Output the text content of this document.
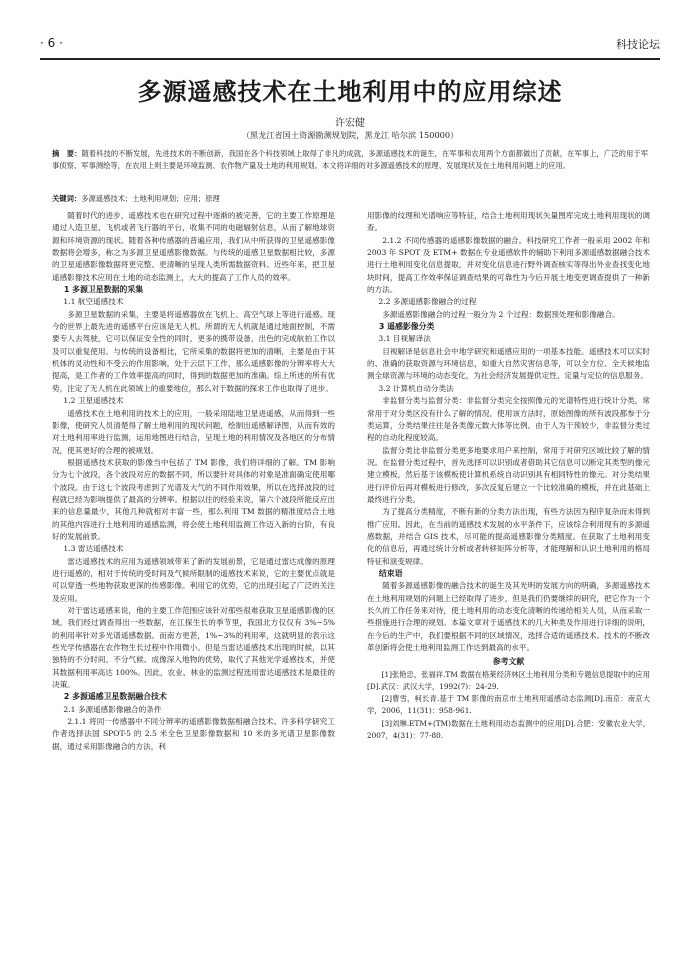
· 6 ·	科技论坛
多源遥感技术在土地利用中的应用综述
许宏健
（黑龙江省国土资源勘测规划院，黑龙江 哈尔滨 150000）
摘　要：随着科技的不断发展，先进技术的不断创新，我国在各个科技领域上取得了非凡的成就，多源遥感技术的诞生，在军事和农用两个方面都做出了贡献，在军事上，广泛的用于军事侦察、军事测绘等，在农用上则主要是环境监测、农作物产量及土地的利用规划。本文将详细的对多源遥感技术的原理、发展现状及在土地利用问题上的应用。
关键词：多源遥感技术；土地利用规划；应用；原理

随着时代的进步，遥感技术也在研究过程中逐渐的被完善，它的主要工作原理是通过人造卫星、飞机或者飞行器的平台，收集不同的电磁辐射信息，从而了解地球资源和环境资源的现状。随着各种传感器的普遍应用，我们从中所获得的卫星遥感影像数据将会增多，称之为多源卫星遥感影像数据。与传统的遥感卫星数据相比较，多源的卫星遥感影像数据将更完整、更清晰的呈现人类所需数据资料。近些年来，把卫星遥感影像技术应用在土地的动态监测上，大大的提高了工作人员的效率。

1 多源卫星数据的采集
1.1 航空遥感技术

多源卫星数据的采集，主要是将遥感器放在飞机上、高空气球上等进行遥感。现今的世界上最先进的遥感平台应该是无人机。所谓的无人机就是通过地面控制，不需要专人去驾驶，它可以保证安全性的同时，更多的携带设备，出色的完成航拍工作以及可以重复使用。与传统的设备相比，它所采集的数据将更加的清晰，主要是由于其机体的灵动性和不受云的作用影响，处于云层下工作，那么遥感影像的分辨率将大大提高，是工作者的工作效率提高的同时，得到的数据更加的准确。综上所述的所有优势，注定了无人机在此领域上的重要地位，那么对于数据的探求工作也取得了进步。

1.2 卫星遥感技术

遥感技术在土地利用的技术上的应用，一般采用陆地卫星进遥感，从而得到一些影像，使研究人员清楚得了解土地利用的现状问题，绘制出遥感解译图，从而有效的对土地利用率进行监测，运用地图进行结合，呈现土地的利用情况及各地区的分布情况，使其更好的合理的被规划。

根据遥感技术获取的影像当中包括了 TM 影像，我们将详细的了解。TM 影响分为七个波段，各个波段对应的数据不同，所以要针对具体的对象是准面确定使用哪个波段。由于这七个波段考虑到了光谱及大气的不同作用效果，所以在选择波段的过程就已经为影响提供了最高的分辨率。根据以往的经验来说，第六个波段所能反应出来的信息量最少，其他几种就相对丰富一些，那么利用 TM 数据的精准度结合土地的其他内容进行土地利用的遥感监测，将会使土地利用监测工作迈入新的台阶，有良好的发展前景。

1.3 雷达遥感技术

雷达遥感技术的应用为遥感领域带来了新的发展前景，它是通过雷达成像的原理进行遥感的，相对于传统的受时间及气候所限制的遥感技术来说，它的主要优点就是可以穿透一些地物获取更深的传感影像。利用它的优势，它的出现引起了广泛的关注及应用。

对于雷达遥感来说，他的主要工作范围应该针对那些很难获取卫星遥感影像的区域。我们经过调查得出一些数据，在江探生长的季节里，我国北方仅仅有 3%~5%的利用率针对多光谱遥感数据。而南方更甚，1%~3%的利用率，这就明显的表示这些光学传感器在农作物生长过程中作用微小。但是当雷达遥感技术出现的时候，以其独特的不分时间、不分气候、成像深入地物的优势，取代了其他光学遥感技术，并使其数据利用率高达 100%。因此，农业、林业的监测过程选用雷达遥感技术是最佳的决策。

2 多源遥感卫星数据融合技术
2.1 多源遥感影像融合的条件

2.1.1 将同一传感器中不同分辨率的遥感影像数据相融合技术。许多科学研究工作者选择法国 SPOT-5 的 2.5 米全色卫星影像数据和 10 米的多光谱卫星影像数据，通过采用影像融合的方法，利

用影像的纹理和光谱响应等特征，结合土地利用现状矢量图库完成土地利用现状的调查。

2.1.2 不同传感器的遥感影像数据的融合。科技研究工作者一般采用 2002 年和 2003 年 SPOT 及 ETM+ 数据在专业遥感软件的辅助下利用多源遥感数据融合技术进行土地利用变化信息提取，并对变化信息进行野外调查核实等得出外业查找变化地块时间，提高工作效率保证调查结果的可靠性为今后开展土地变更调查提供了一种新的方法。

2.2 多源遥感影像融合的过程

多源遥感影像融合的过程一般分为 2 个过程：数据预处理和影像融合。

3 遥感影像分类
3.1 目视解译法

目视解译是信息社会中地学研究和遥感应用的一项基本技能。遥感技术可以实时的、准确的获取资源与环境信息，如重大自然灾害信息等，可以全方位、全天候地监测全球资源与环境的动态变化，为社会经济发展提供定性、定量与定位的信息服务。

3.2 计算机自动分类法

非监督分类与监督分类：非监督分类完全按照像元的光谱特性进行统计分类，常常用于对分类区没有什么了解的情况。使用该方法时，原始图像的所有波段都参于分类运算，分类结果往往是各类像元数大体等比例。由于人为干预较少，非监督分类过程的自动化程度较高。

监督分类比非监督分类更多地要求用户来控制，常用于对研究区域比较了解的情况。在监督分类过程中，首先选择可以识别或者借助其它信息可以断定其类型的像元建立模板，然后基于该模板使计算机系统自动识别具有相同特性的像元。对分类结果进行评价后再对模板进行修改，多次反复后建立一个比较准确的模板，并在此基础上最终进行分类。

为了提高分类精度，不断有新的分类方法出现，有些方法因为程序复杂而未得到推广应用。因此，在当前的遥感技术发展的水平条件下，应该综合利用现有的多源遥感数据，并结合 GIS 技术，尽可能的提高遥感影像分类精度。在获取了土地利用变化的信息后，再通过统计分析或者转移矩阵分析等，才能理解和认识土地利用的格局特征和演变规律。

结束语

随着多源遥感影像的融合技术的诞生及其光明的发展方向的明确，多源遥感技术在土地利用规划的问题上已经取得了进步，但是我们仍要继续的研究，把它作为一个长久的工作任务来对待，使土地利用的动态变化清晰的传递给相关人员，从而采取一些措施进行合理的规划。本篇文章对于遥感技术的几大种类及作用进行详细的说明，在今后的生产中，我们要根据不同的区域情况，选择合适的遥感技术。技术的不断改革创新将会使土地利用监测工作达到最高的水平。

参考文献

[1]张艳忠，张福祥.TM 数据在格莱经济林区土地利用分类和专题信息提取中的应用[D].武汉：武汉大学，1992(7)：24-29.

[2]曹雪，柯长青.基于 TM 影像的南京市土地利用遥感动态监测[D].南京：南京大学，2006，11(31)：958-961.

[3]刘琳.ETM+(TM)数据在土地利用动态监测中的应用[D].合肥：安徽农业大学，2007，4(31)：77-80.
